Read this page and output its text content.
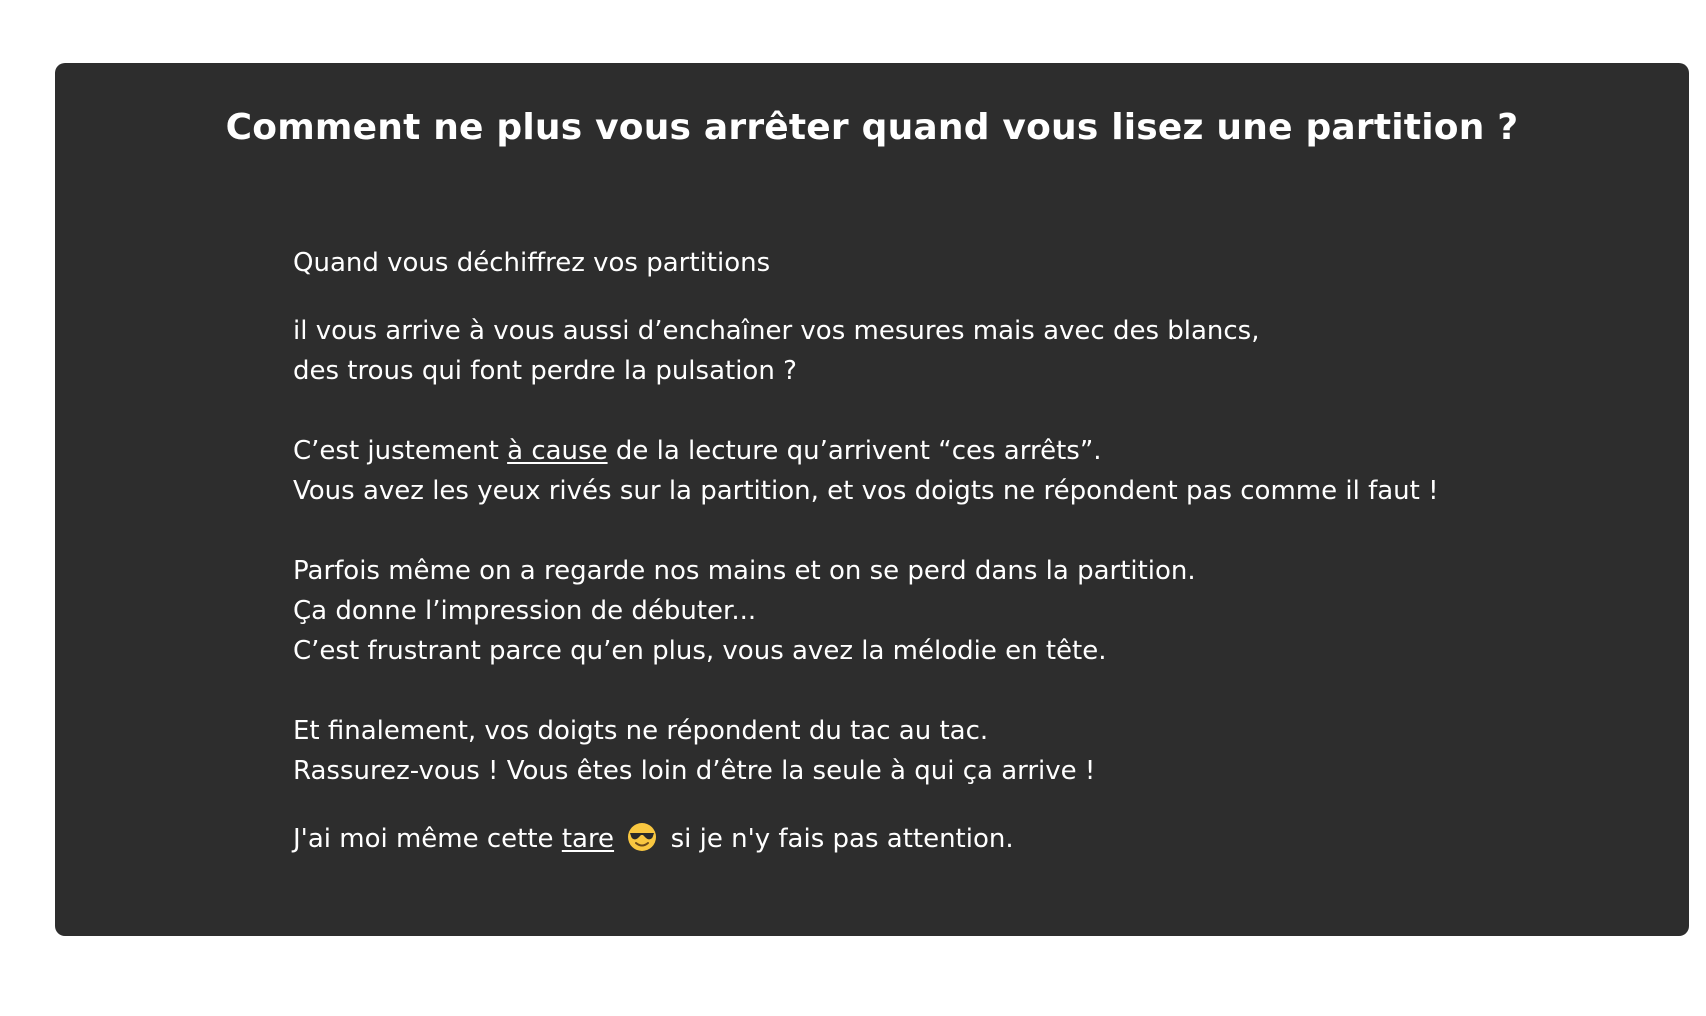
Comment ne plus vous arrêter quand vous lisez une partition ?

Quand vous déchiffrez vos partitions

il vous arrive à vous aussi d’enchaîner vos mesures mais avec des blancs,
des trous qui font perdre la pulsation ?

C’est justement à cause de la lecture qu’arrivent “ces arrêts”.
Vous avez les yeux rivés sur la partition, et vos doigts ne répondent pas comme il faut !

Parfois même on a regarde nos mains et on se perd dans la partition.
Ça donne l’impression de débuter...
C’est frustrant parce qu’en plus, vous avez la mélodie en tête.

Et finalement, vos doigts ne répondent du tac au tac.
Rassurez-vous ! Vous êtes loin d’être la seule à qui ça arrive !

J'ai moi même cette tare  si je n'y fais pas attention.
